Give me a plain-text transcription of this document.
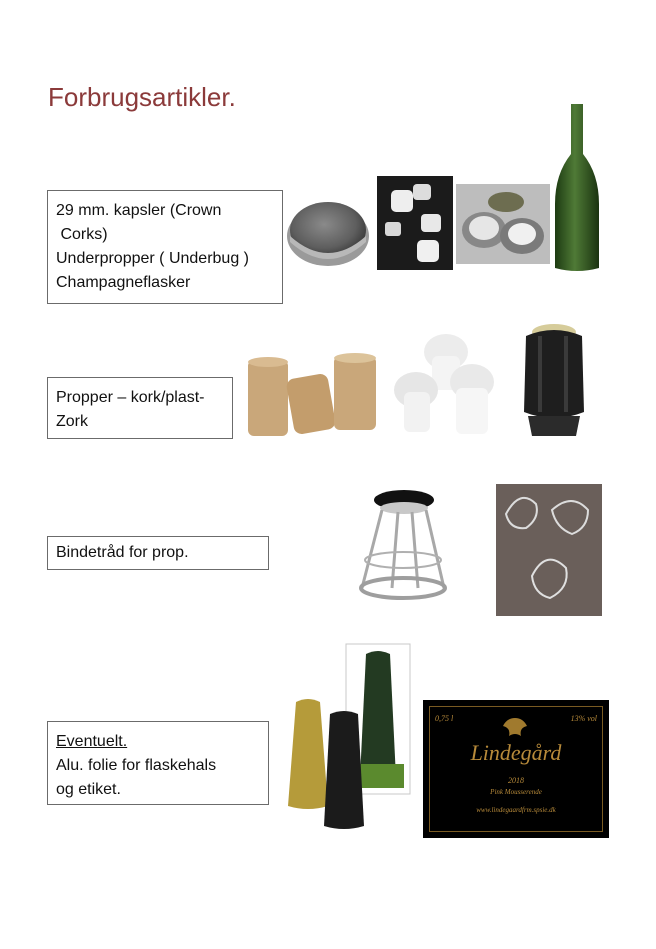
Forbrugsartikler.
29 mm. kapsler (Crown
Corks)
Underpropper ( Underbug )
Champagneflasker
Propper – kork/plast-
Zork
Bindetråd for prop.
Eventuelt.
Alu. folie for flaskehals
og etiket.
0,75 l	13% vol
Lindegård
2018
Pink Mousserende
www.lindegaardfrm.spsie.dk
